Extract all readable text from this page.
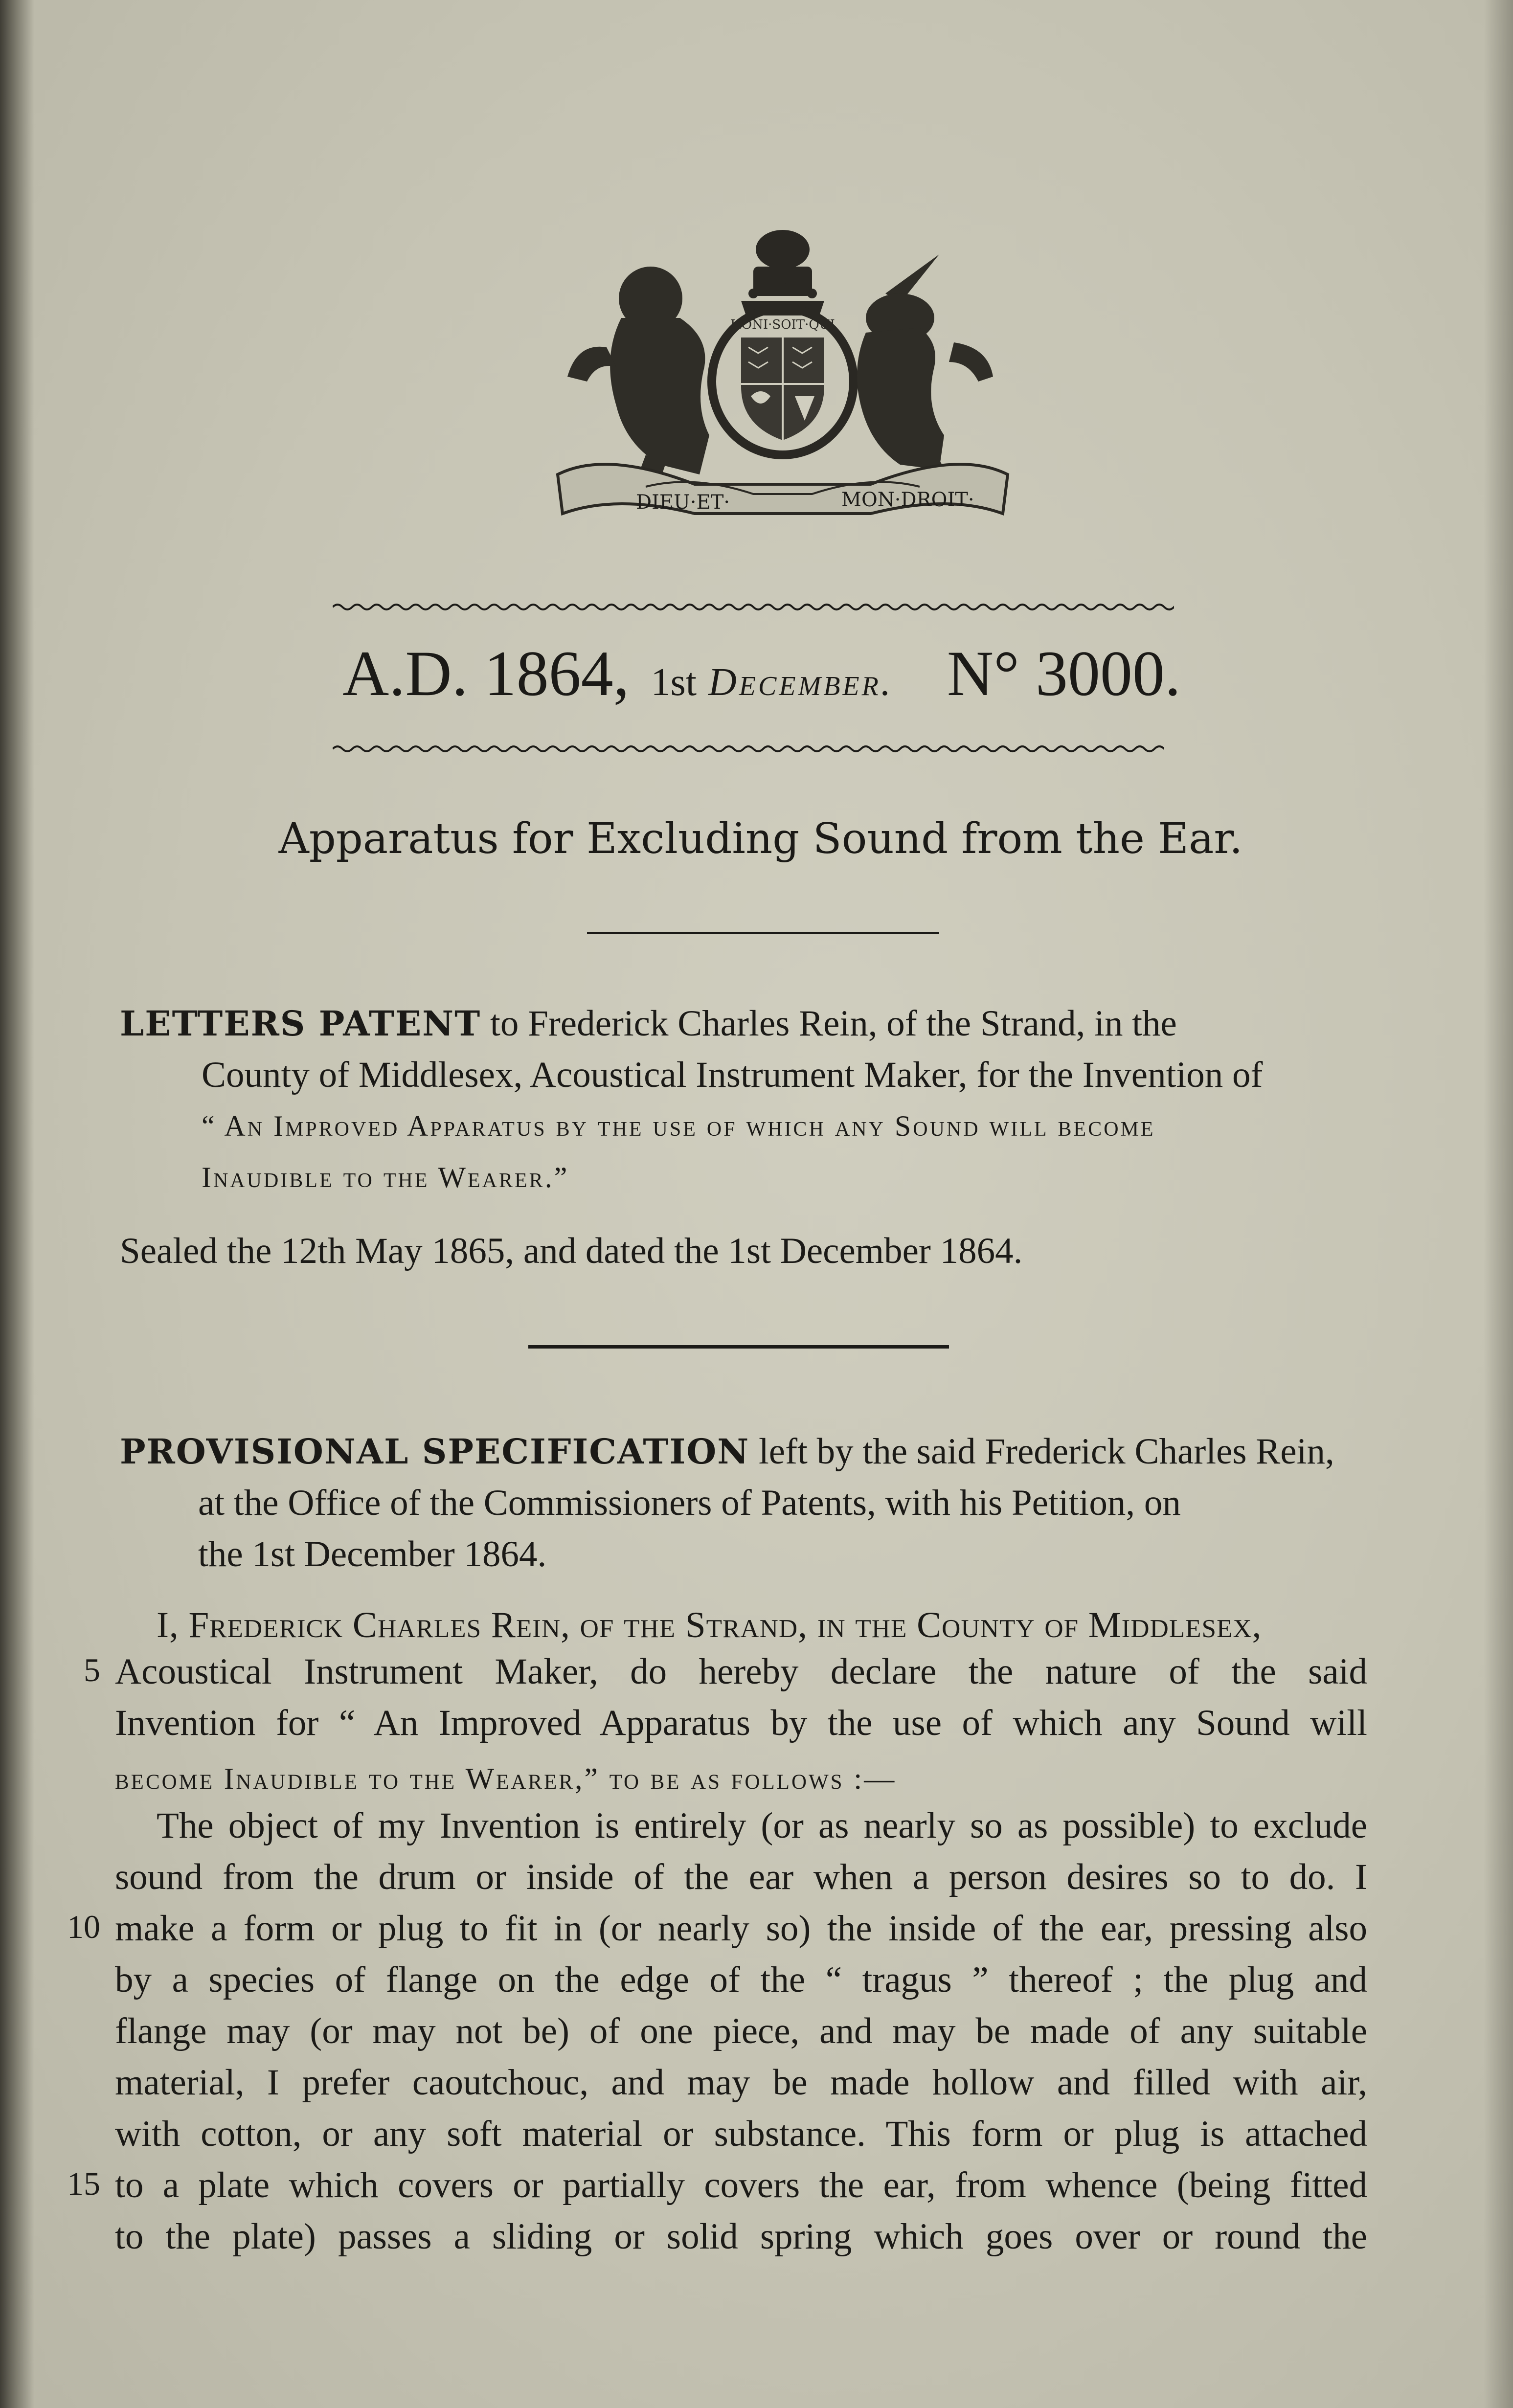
HONI·SOIT·QUI
DIEU·ET·	MON·DROIT·
A.D. 1864, 1st December. N° 3000.
Apparatus for Excluding Sound from the Ear.
LETTERS PATENT to Frederick Charles Rein, of the Strand, in the
County of Middlesex, Acoustical Instrument Maker, for the Invention of
“ An Improved Apparatus by the use of which any Sound will become
Inaudible to the Wearer.”
Sealed the 12th May 1865, and dated the 1st December 1864.
PROVISIONAL SPECIFICATION left by the said Frederick Charles Rein,
at the Office of the Commissioners of Patents, with his Petition, on
the 1st December 1864.
I, Frederick Charles Rein, of the Strand, in the County of Middlesex,
5 Acoustical Instrument Maker, do hereby declare the nature of the said
Invention for “ An Improved Apparatus by the use of which any Sound will
become Inaudible to the Wearer,” to be as follows :—
The object of my Invention is entirely (or as nearly so as possible) to exclude
sound from the drum or inside of the ear when a person desires so to do. I
10 make a form or plug to fit in (or nearly so) the inside of the ear, pressing also
by a species of flange on the edge of the “ tragus ” thereof ; the plug and
flange may (or may not be) of one piece, and may be made of any suitable
material, I prefer caoutchouc, and may be made hollow and filled with air,
with cotton, or any soft material or substance. This form or plug is attached
15 to a plate which covers or partially covers the ear, from whence (being fitted
to the plate) passes a sliding or solid spring which goes over or round the
